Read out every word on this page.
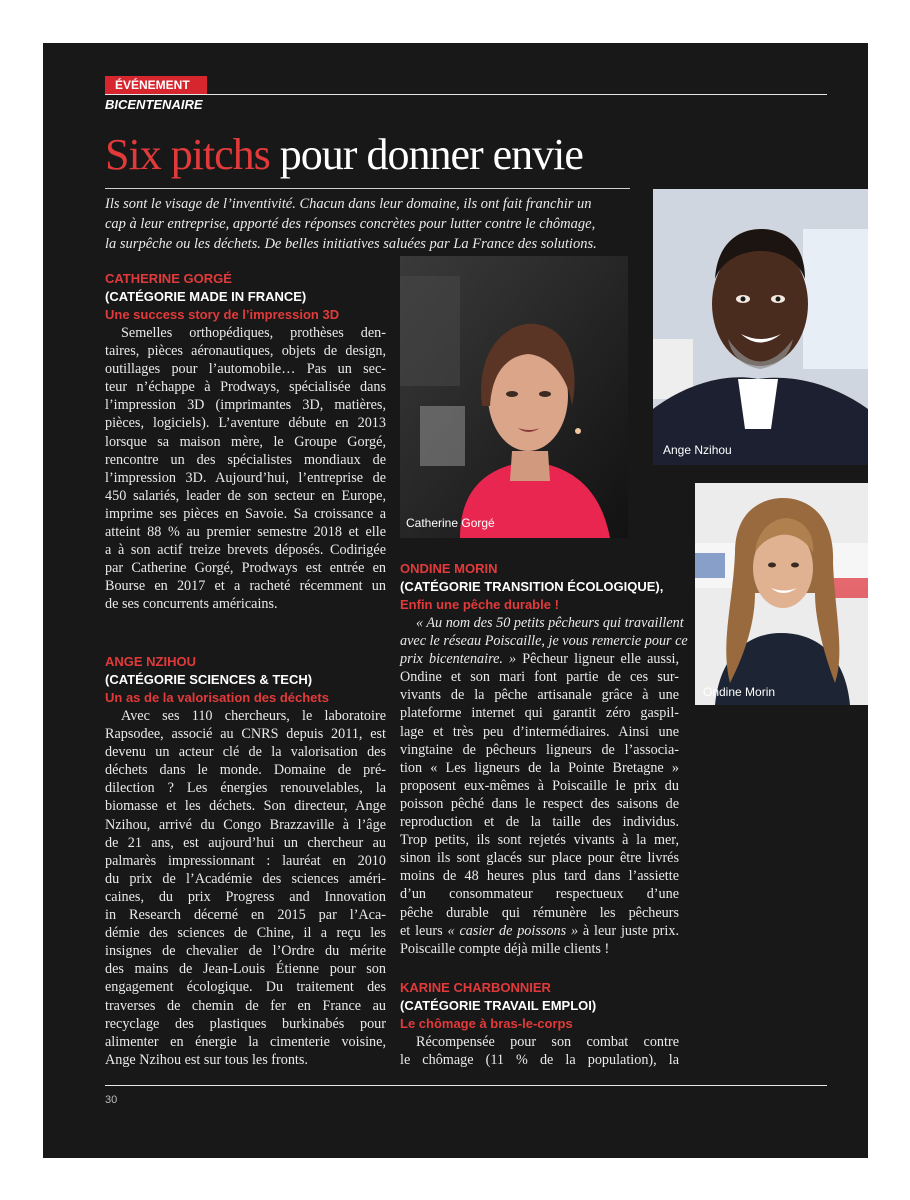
ÉVÉNEMENT
BICENTENAIRE
Six pitchs pour donner envie
Ils sont le visage de l’inventivité. Chacun dans leur domaine, ils ont fait franchir un
cap à leur entreprise, apporté des réponses concrètes pour lutter contre le chômage,
la surpêche ou les déchets. De belles initiatives saluées par La France des solutions.
Catherine Gorgé
Ange Nzihou
Ondine Morin
CATHERINE GORGÉ
(CATÉGORIE MADE IN FRANCE)
Une success story de l’impression 3D
Semelles orthopédiques, prothèses den-
taires, pièces aéronautiques, objets de design,
outillages pour l’automobile… Pas un sec-
teur n’échappe à Prodways, spécialisée dans
l’impression 3D (imprimantes 3D, matières,
pièces, logiciels). L’aventure débute en 2013
lorsque sa maison mère, le Groupe Gorgé,
rencontre un des spécialistes mondiaux de
l’impression 3D. Aujourd’hui, l’entreprise de
450 salariés, leader de son secteur en Europe,
imprime ses pièces en Savoie. Sa croissance a
atteint 88 % au premier semestre 2018 et elle
a à son actif treize brevets déposés. Codirigée
par Catherine Gorgé, Prodways est entrée en
Bourse en 2017 et a racheté récemment un
de ses concurrents américains.
ANGE NZIHOU
(CATÉGORIE SCIENCES & TECH)
Un as de la valorisation des déchets
Avec ses 110 chercheurs, le laboratoire
Rapsodee, associé au CNRS depuis 2011, est
devenu un acteur clé de la valorisation des
déchets dans le monde. Domaine de pré-
dilection ? Les énergies renouvelables, la
biomasse et les déchets. Son directeur, Ange
Nzihou, arrivé du Congo Brazzaville à l’âge
de 21 ans, est aujourd’hui un chercheur au
palmarès impressionnant : lauréat en 2010
du prix de l’Académie des sciences améri-
caines, du prix Progress and Innovation
in Research décerné en 2015 par l’Aca-
démie des sciences de Chine, il a reçu les
insignes de chevalier de l’Ordre du mérite
des mains de Jean-Louis Étienne pour son
engagement écologique. Du traitement des
traverses de chemin de fer en France au
recyclage des plastiques burkinabés pour
alimenter en énergie la cimenterie voisine,
Ange Nzihou est sur tous les fronts.
ONDINE MORIN
(CATÉGORIE TRANSITION ÉCOLOGIQUE),
Enfin une pêche durable !
« Au nom des 50 petits pêcheurs qui travaillent
avec le réseau Poiscaille, je vous remercie pour ce
prix bicentenaire. » Pêcheur ligneur elle aussi,
Ondine et son mari font partie de ces sur-
vivants de la pêche artisanale grâce à une
plateforme internet qui garantit zéro gaspil-
lage et très peu d’intermédiaires. Ainsi une
vingtaine de pêcheurs ligneurs de l’associa-
tion « Les ligneurs de la Pointe Bretagne »
proposent eux-mêmes à Poiscaille le prix du
poisson pêché dans le respect des saisons de
reproduction et de la taille des individus.
Trop petits, ils sont rejetés vivants à la mer,
sinon ils sont glacés sur place pour être livrés
moins de 48 heures plus tard dans l’assiette
d’un consommateur respectueux d’une
pêche durable qui rémunère les pêcheurs
et leurs « casier de poissons » à leur juste prix.
Poiscaille compte déjà mille clients !
KARINE CHARBONNIER
(CATÉGORIE TRAVAIL EMPLOI)
Le chômage à bras-le-corps
Récompensée pour son combat contre
le chômage (11 % de la population), la
30
